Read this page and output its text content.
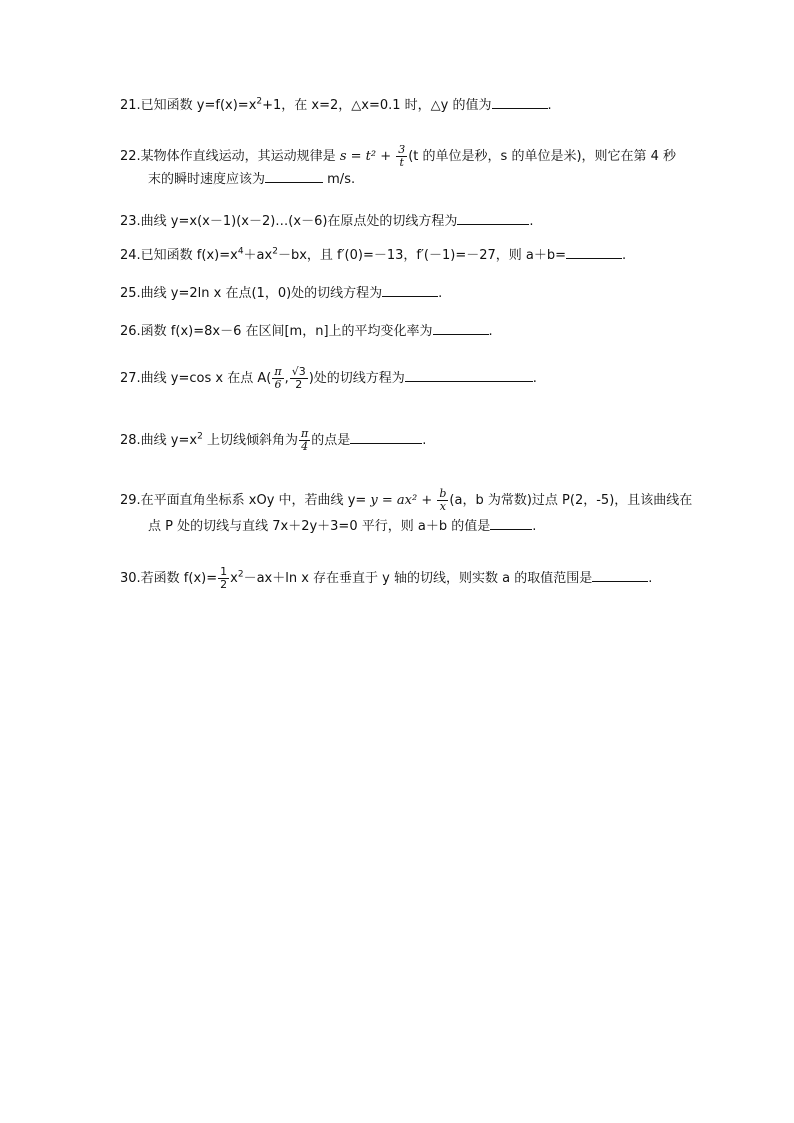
21.已知函数 $y=f(x)=x^2+1$，在 x=2，△x=0.1 时，△y 的值为	.
22.某物体作直线运动，其运动规律是 $s = t^2 + \frac{3}{t} (t$ 的单位是秒，s 的单位是米)，则它在第 4 秒
末的瞬时速度应该为	m/s.
23.曲线 y=x(x－1)(x－2)…(x－6)在原点处的切线方程为	.
24.已知函数 $f(x)=x^4+ax^2-bx$，且 f′(0)=－13，f′(－1)=－27，则 a＋b=	.
25.曲线 y=2ln x 在点(1，0)处的切线方程为	.
26.函数 f(x)=8x－6 在区间[m，n]上的平均变化率为	.
27.曲线 y=cos x 在点 $A( \frac{\pi}{6}$ , $\frac{√3}{2}$ )处的切线方程为	.
28.曲线 $y=x^2$ 上切线倾斜角为 $\frac{\pi}{4}$ 的点是	.
29.在平面直角坐标系 xOy 中，若曲线 $y= y = ax^2 + \frac{b}{x} (a$，b 为常数)过点 P(2，-5)，且该曲线在
点 P 处的切线与直线 7x＋2y＋3=0 平行，则 a＋b 的值是	.
30.若函数 $f(x)= \frac{1}{2} x^2-ax+\ln$ x 存在垂直于 y 轴的切线，则实数 a 的取值范围是	.
